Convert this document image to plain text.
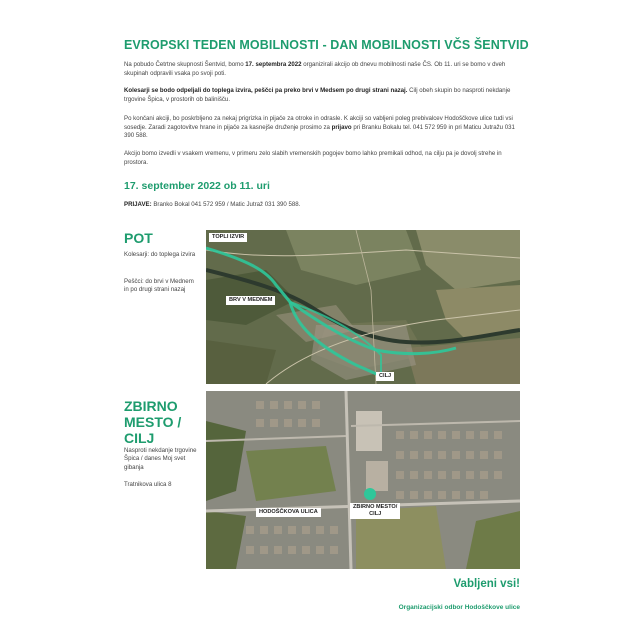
EVROPSKI TEDEN MOBILNOSTI - DAN MOBILNOSTI VČS ŠENTVID

Na pobudo Četrtne skupnosti Šentvid, bomo 17. septembra 2022 organizirali akcijo ob dnevu mobilnosti naše ČS. Ob 11. uri se bomo v dveh skupinah odpravili vsaka po svoji poti.

Kolesarji se bodo odpeljali do toplega izvira, peščci pa preko brvi v Medsem po drugi strani nazaj. Cilj obeh skupin bo nasproti nekdanje trgovine Špica, v prostorih ob balinišču.

Po končani akciji, bo poskrbljeno za nekaj prigrizka in pijače za otroke in odrasle. K akciji so vabljeni poleg prebivalcev Hodoščkove ulice tudi vsi sosedje. Zaradi zagotovitve hrane in pijače za kasnejše druženje prosimo za prijavo pri Branku Bokalu tel. 041 572 959 in pri Maticu Jutražu 031 390 588.

Akcijo bomo izvedli v vsakem vremenu, v primeru zelo slabih vremenskih pogojev bomo lahko premikali odhod, na cilju pa je dovolj strehe in prostora.

17. september 2022 ob 11. uri
PRIJAVE: Branko Bokal 041 572 959 / Matic Jutraž 031 390 588.
POT

Kolesarji: do toplega izvira

Peščci: do brvi v Mednem in po drugi strani nazaj

TOPLI IZVIR
BRV V MEDNEM
CILJ
ZBIRNO
MESTO /
CILJ

Nasproti nekdanje trgovine Špica / danes Moj svet gibanja

Tratnikova ulica 8

HODOŠČKOVA ULICA
ZBIRNO MESTO/
CILJ
Vabljeni vsi!
Organizacijski odbor Hodoščkove ulice
